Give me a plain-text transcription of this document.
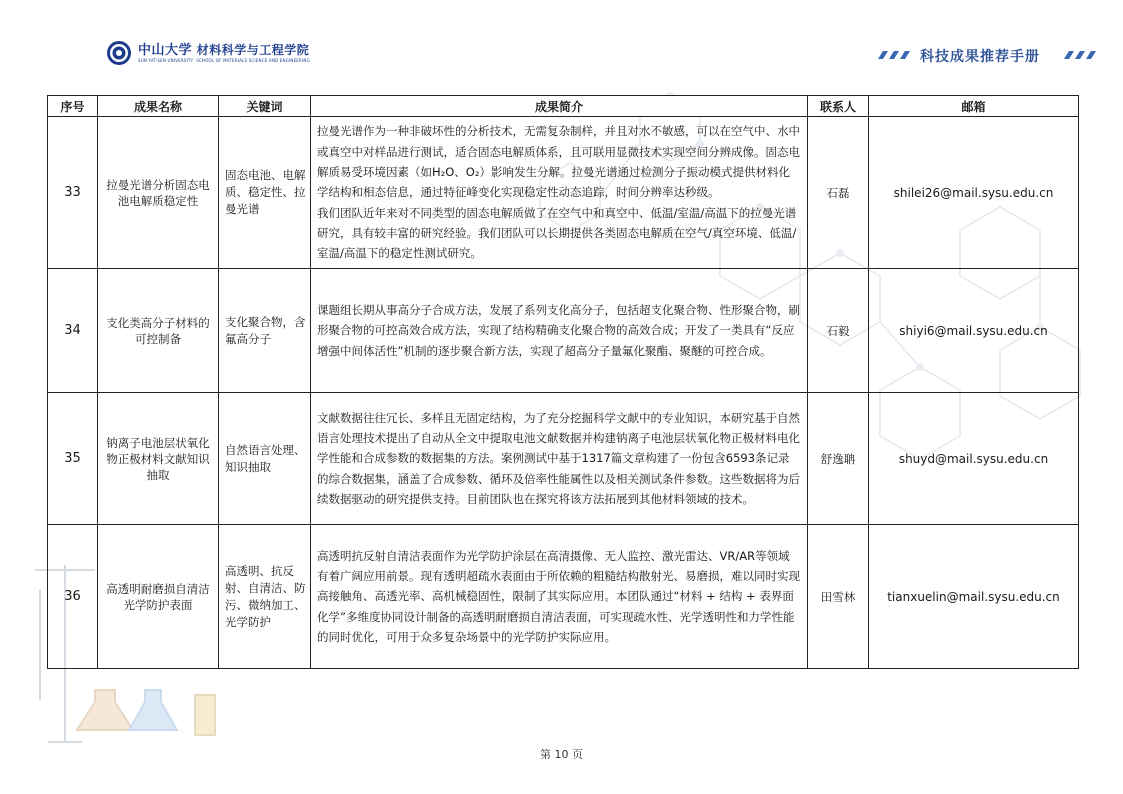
中山大学 材料科学与工程学院
SUN YAT-SEN UNIVERSITY SCHOOL OF MATERIALS SCIENCE AND ENGINEERING	科技成果推荐手册
序号	成果名称	关键词	成果简介	联系人	邮箱
33	拉曼光谱分析固态电池电解质稳定性	固态电池、电解质、稳定性、拉曼光谱	拉曼光谱作为一种非破坏性的分析技术，无需复杂制样，并且对水不敏感，可以在空气中、水中或真空中对样品进行测试，适合固态电解质体系，且可联用显微技术实现空间分辨成像。固态电解质易受环境因素（如H₂O、O₂）影响发生分解。拉曼光谱通过检测分子振动模式提供材料化学结构和相态信息，通过特征峰变化实现稳定性动态追踪，时间分辨率达秒级。
我们团队近年来对不同类型的固态电解质做了在空气中和真空中、低温/室温/高温下的拉曼光谱研究，具有较丰富的研究经验。我们团队可以长期提供各类固态电解质在空气/真空环境、低温/室温/高温下的稳定性测试研究。	石磊	shilei26@mail.sysu.edu.cn
34	支化类高分子材料的可控制备	支化聚合物，含氟高分子	课题组长期从事高分子合成方法，发展了系列支化高分子，包括超支化聚合物、性形聚合物，刷形聚合物的可控高效合成方法，实现了结构精确支化聚合物的高效合成；开发了一类具有“反应增强中间体活性”机制的逐步聚合新方法，实现了超高分子量氟化聚酯、聚醚的可控合成。	石毅	shiyi6@mail.sysu.edu.cn
35	钠离子电池层状氧化物正极材料文献知识抽取	自然语言处理、知识抽取	文献数据往往冗长、多样且无固定结构，为了充分挖掘科学文献中的专业知识，本研究基于自然语言处理技术提出了自动从全文中提取电池文献数据并构建钠离子电池层状氧化物正极材料电化学性能和合成参数的数据集的方法。案例测试中基于1317篇文章构建了一份包含6593条记录的综合数据集，涵盖了合成参数、循环及倍率性能属性以及相关测试条件参数。这些数据将为后续数据驱动的研究提供支持。目前团队也在探究将该方法拓展到其他材料领域的技术。	舒逸聃	shuyd@mail.sysu.edu.cn
36	高透明耐磨损自清洁光学防护表面	高透明、抗反射、自清洁、防污、微纳加工、光学防护	高透明抗反射自清洁表面作为光学防护涂层在高清摄像、无人监控、激光雷达、VR/AR等领域有着广阔应用前景。现有透明超疏水表面由于所依赖的粗糙结构散射光、易磨损，难以同时实现高接触角、高透光率、高机械稳固性，限制了其实际应用。本团队通过“材料 + 结构 + 表界面化学”多维度协同设计制备的高透明耐磨损自清洁表面，可实现疏水性、光学透明性和力学性能的同时优化，可用于众多复杂场景中的光学防护实际应用。	田雪林	tianxuelin@mail.sysu.edu.cn
第 10 页
